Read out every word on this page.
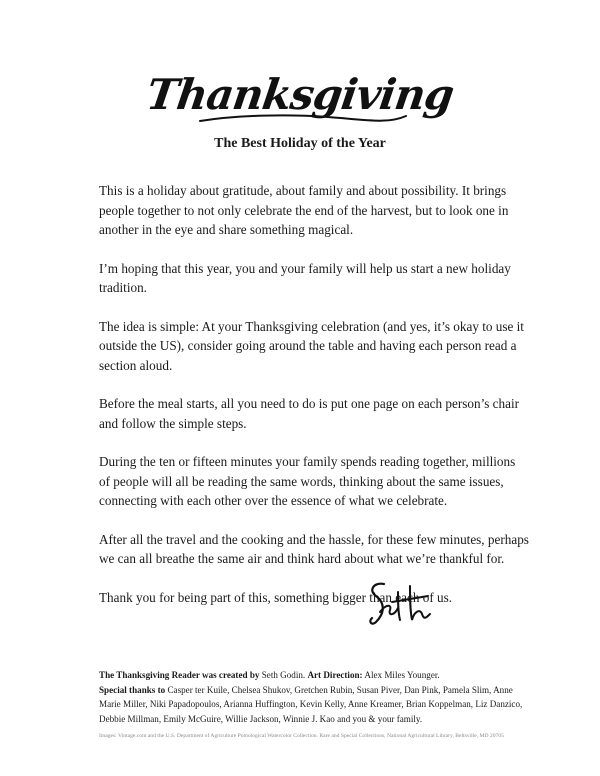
Thanksgiving
The Best Holiday of the Year

This is a holiday about gratitude, about family and about possibility. It brings people together to not only celebrate the end of the harvest, but to look one in another in the eye and share something magical.

I’m hoping that this year, you and your family will help us start a new holiday tradition.

The idea is simple: At your Thanksgiving celebration (and yes, it’s okay to use it outside the US), consider going around the table and having each person read a section aloud.

Before the meal starts, all you need to do is put one page on each person’s chair and follow the simple steps.

During the ten or fifteen minutes your family spends reading together, millions of people will all be reading the same words, thinking about the same issues, connecting with each other over the essence of what we celebrate.

After all the travel and the cooking and the hassle, for these few minutes, perhaps we can all breathe the same air and think hard about what we’re thankful for.

Thank you for being part of this, something bigger than each of us.

The Thanksgiving Reader was created by Seth Godin. Art Direction: Alex Miles Younger.
Special thanks to Casper ter Kuile, Chelsea Shukov, Gretchen Rubin, Susan Piver, Dan Pink, Pamela Slim, Anne Marie Miller, Niki Papadopoulos, Arianna Huffington, Kevin Kelly, Anne Kreamer, Brian Koppelman, Liz Danzico, Debbie Millman, Emily McGuire, Willie Jackson, Winnie J. Kao and you & your family.
Images: Vintage.com and the U.S. Department of Agriculture Pomological Watercolor Collection. Rare and Special Collections, National Agricultural Library, Beltsville, MD 20705
